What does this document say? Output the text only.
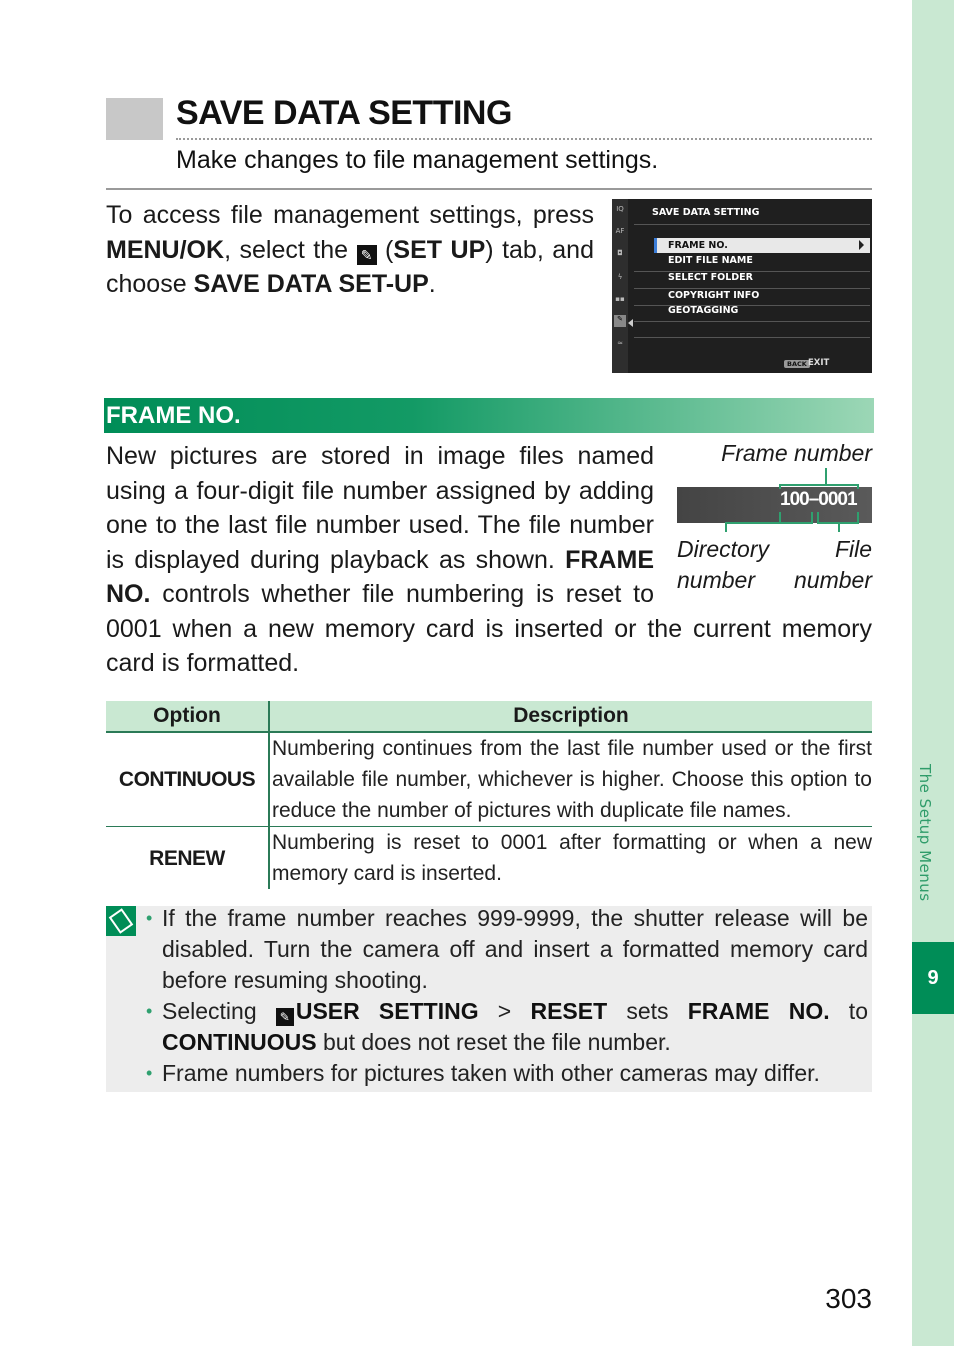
The Setup Menus
9
SAVE DATA SETTING
Make changes to file management settings.

To access file management settings, press MENU/OK, select the ✎ (SET UP) tab, and choose SAVE DATA SET-UP.

IQ
AF
◘
ϟ
▪▪
✎
≈
SAVE DATA SETTING
FRAME NO.
EDIT FILE NAME
SELECT FOLDER
COPYRIGHT INFO
GEOTAGGING
BACK EXIT
FRAME NO.

New pictures are stored in image files named using a four-digit file number assigned by adding one to the last file number used. The file number is displayed during playback as shown. FRAME NO. controls whether file numbering is reset to 0001 when a new memory card is inserted or the current memory card is formatted.

Frame number
100–0001
Directory
number
File
number
Option	Description
CONTINUOUS	Numbering continues from the last file number used or the first available file number, whichever is higher. Choose this option to reduce the number of pictures with duplicate file names.
RENEW	Numbering is reset to 0001 after formatting or when a new memory card is inserted.
• If the frame number reaches 999-9999, the shutter release will be disabled. Turn the camera off and insert a formatted memory card before resuming shooting.
• Selecting ✎ USER SETTING > RESET sets FRAME NO. to CONTINUOUS but does not reset the file number.
• Frame numbers for pictures taken with other cameras may differ.
303
